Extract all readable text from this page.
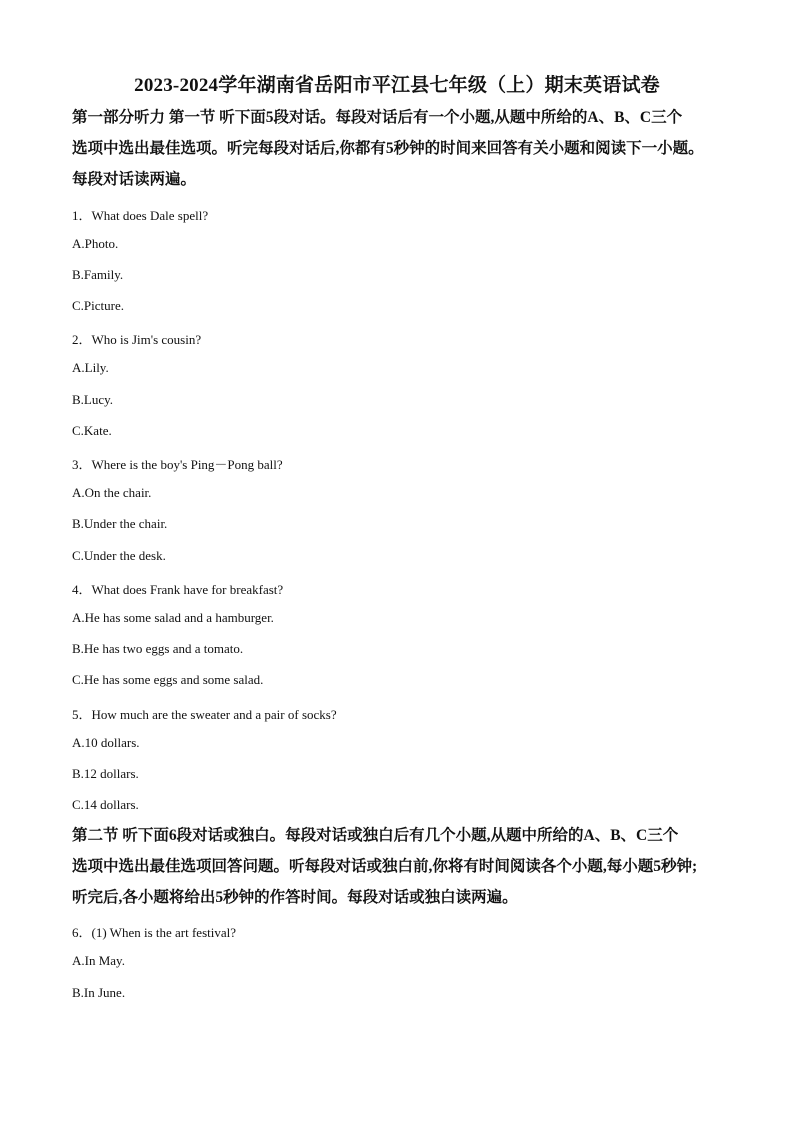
2023-2024学年湖南省岳阳市平江县七年级（上）期末英语试卷
第一部分听力 第一节 听下面5段对话。每段对话后有一个小题,从题中所给的A、B、C三个
选项中选出最佳选项。听完每段对话后,你都有5秒钟的时间来回答有关小题和阅读下一小题。
每段对话读两遍。
1．What does Dale spell?
A.Photo.
B.Family.
C.Picture.
2．Who is Jim's cousin?
A.Lily.
B.Lucy.
C.Kate.
3．Where is the boy's Ping－Pong ball?
A.On the chair.
B.Under the chair.
C.Under the desk.
4．What does Frank have for breakfast?
A.He has some salad and a hamburger.
B.He has two eggs and a tomato.
C.He has some eggs and some salad.
5．How much are the sweater and a pair of socks?
A.10 dollars.
B.12 dollars.
C.14 dollars.
第二节 听下面6段对话或独白。每段对话或独白后有几个小题,从题中所给的A、B、C三个
选项中选出最佳选项回答问题。听每段对话或独白前,你将有时间阅读各个小题,每小题5秒钟;
听完后,各小题将给出5秒钟的作答时间。每段对话或独白读两遍。
6．(1) When is the art festival?
A.In May.
B.In June.
